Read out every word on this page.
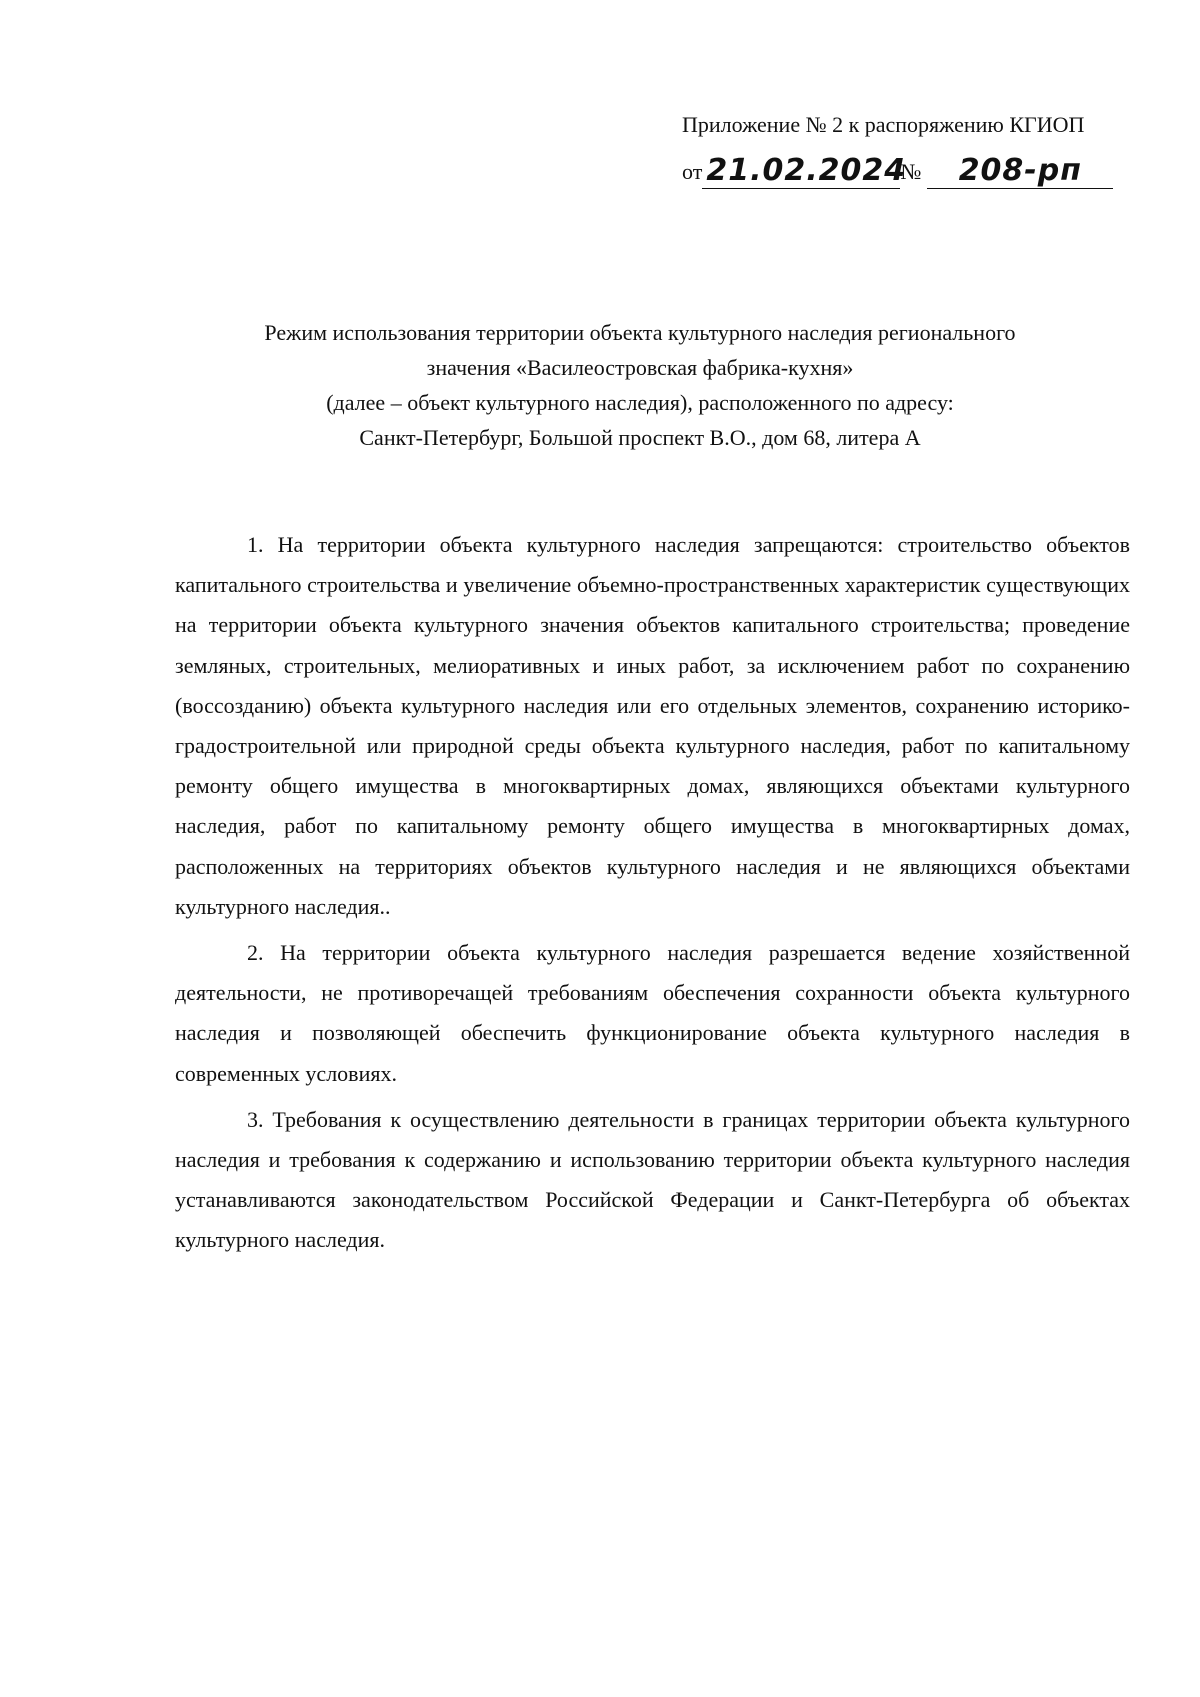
Приложение № 2 к распоряжению КГИОП
от 21.02.2024
№	208-рп
Режим использования территории объекта культурного наследия регионального
значения «Василеостровская фабрика-кухня»
(далее – объект культурного наследия), расположенного по адресу:
Санкт-Петербург, Большой проспект В.О., дом 68, литера А

1. На территории объекта культурного наследия запрещаются: строительство объектов капитального строительства и увеличение объемно-пространственных характеристик существующих на территории объекта культурного значения объектов капитального строительства; проведение земляных, строительных, мелиоративных и иных работ, за исключением работ по сохранению (воссозданию) объекта культурного наследия или его отдельных элементов, сохранению историко-градостроительной или природной среды объекта культурного наследия, работ по капитальному ремонту общего имущества в многоквартирных домах, являющихся объектами культурного наследия, работ по капитальному ремонту общего имущества в многоквартирных домах, расположенных на территориях объектов культурного наследия и не являющихся объектами культурного наследия..

2. На территории объекта культурного наследия разрешается ведение хозяйственной деятельности, не противоречащей требованиям обеспечения сохранности объекта культурного наследия и позволяющей обеспечить функционирование объекта культурного наследия в современных условиях.

3. Требования к осуществлению деятельности в границах территории объекта культурного наследия и требования к содержанию и использованию территории объекта культурного наследия устанавливаются законодательством Российской Федерации и Санкт-Петербурга об объектах культурного наследия.
